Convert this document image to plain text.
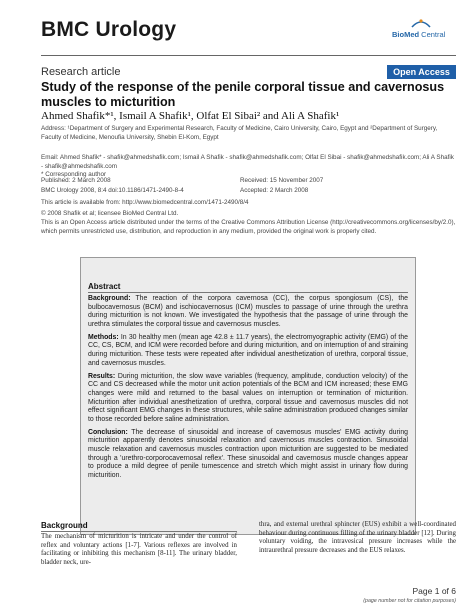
BMC Urology	BioMed Central
Research article	Open Access
Study of the response of the penile corporal tissue and cavernosus muscles to micturition
Ahmed Shafik*¹, Ismail A Shafik¹, Olfat El Sibai² and Ali A Shafik¹
Address: ¹Department of Surgery and Experimental Research, Faculty of Medicine, Cairo University, Cairo, Egypt and ²Department of Surgery, Faculty of Medicine, Menoufia University, Shebin El-Kom, Egypt
Email: Ahmed Shafik* - shafik@ahmedshafik.com; Ismail A Shafik - shafik@ahmedshafik.com; Olfat El Sibai - shafik@ahmedshafik.com; Ali A Shafik - shafik@ahmedshafik.com
* Corresponding author
Published: 2 March 2008
BMC Urology 2008, 8:4 doi:10.1186/1471-2490-8-4
Received: 15 November 2007
Accepted: 2 March 2008
This article is available from: http://www.biomedcentral.com/1471-2490/8/4
© 2008 Shafik et al; licensee BioMed Central Ltd.
This is an Open Access article distributed under the terms of the Creative Commons Attribution License (http://creativecommons.org/licenses/by/2.0), which permits unrestricted use, distribution, and reproduction in any medium, provided the original work is properly cited.
Abstract

Background: The reaction of the corpora cavernosa (CC), the corpus spongiosum (CS), the bulbocavernosus (BCM) and ischiocavernosus (ICM) muscles to passage of urine through the urethra during micturition is not known. We investigated the hypothesis that the passage of urine through the urethra stimulates the corporal tissue and cavernosus muscles.

Methods: In 30 healthy men (mean age 42.8 ± 11.7 years), the electromyographic activity (EMG) of the CC, CS, BCM, and ICM were recorded before and during micturition, and on interruption of and straining during micturition. These tests were repeated after individual anesthetization of urethra, corporal tissue, and cavernosus muscles.

Results: During micturition, the slow wave variables (frequency, amplitude, conduction velocity) of the CC and CS decreased while the motor unit action potentials of the BCM and ICM increased; these EMG changes were mild and returned to the basal values on interruption or termination of micturition. Micturition after individual anesthetization of urethra, corporal tissue and cavernosus muscles did not effect significant EMG changes in these structures, while saline administration produced changes similar to those recorded before saline administration.

Conclusion: The decrease of sinusoidal and increase of cavernosus muscles' EMG activity during micturition apparently denotes sinusoidal relaxation and cavernosus muscles contraction. Sinusoidal muscle relaxation and cavernosus muscles contraction upon micturition are suggested to be mediated through a 'urethro-corporocavernosal reflex'. These sinusoidal and cavernosus muscle changes appear to produce a mild degree of penile tumescence and stretch which might assist in urinary flow during micturition.

Background
The mechanism of micturition is intricate and under the control of reflex and voluntary actions [1-7]. Various reflexes are involved in facilitating or inhibiting this mechanism [8-11]. The urinary bladder, bladder neck, ure-
thra, and external urethral sphincter (EUS) exhibit a well-coordinated behaviour during continuous filling of the urinary bladder [12]. During voluntary voiding, the intravesical pressure increases while the intraurethral pressure decreases and the EUS relaxes.
Page 1 of 6
(page number not for citation purposes)
